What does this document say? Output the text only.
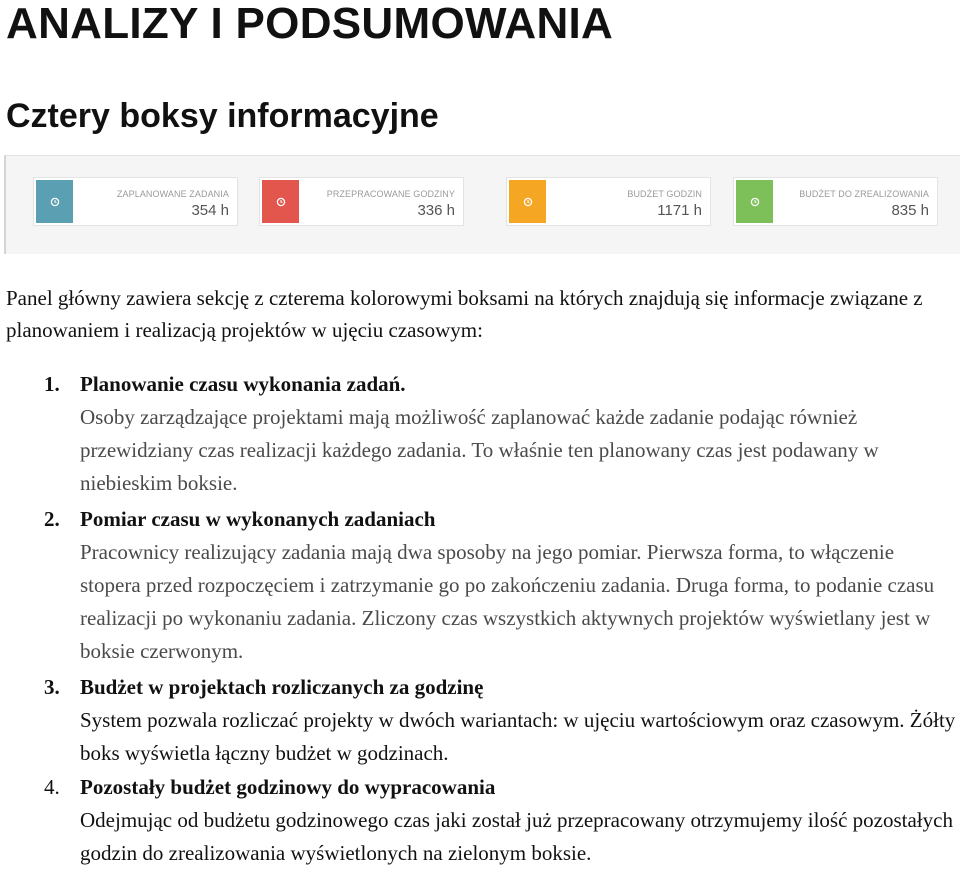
ANALIZY I PODSUMOWANIA
Cztery boksy informacyjne
ZAPLANOWANE ZADANIA
354 h
PRZEPRACOWANE GODZINY
336 h
BUDŻET GODZIN
1171 h
BUDŻET DO ZREALIZOWANIA
835 h

Panel główny zawiera sekcję z czterema kolorowymi boksami na których znajdują się informacje związane z planowaniem i realizacją projektów w ujęciu czasowym:

1. Planowanie czasu wykonania zadań.
Osoby zarządzające projektami mają możliwość zaplanować każde zadanie podając również przewidziany czas realizacji każdego zadania. To właśnie ten planowany czas jest podawany w niebieskim boksie.
2. Pomiar czasu w wykonanych zadaniach
Pracownicy realizujący zadania mają dwa sposoby na jego pomiar. Pierwsza forma, to włączenie stopera przed rozpoczęciem i zatrzymanie go po zakończeniu zadania. Druga forma, to podanie czasu realizacji po wykonaniu zadania. Zliczony czas wszystkich aktywnych projektów wyświetlany jest w boksie czerwonym.
3. Budżet w projektach rozliczanych za godzinę
System pozwala rozliczać projekty w dwóch wariantach: w ujęciu wartościowym oraz czasowym. Żółty boks wyświetla łączny budżet w godzinach.
4. Pozostały budżet godzinowy do wypracowania
Odejmując od budżetu godzinowego czas jaki został już przepracowany otrzymujemy ilość pozostałych godzin do zrealizowania wyświetlonych na zielonym boksie.
